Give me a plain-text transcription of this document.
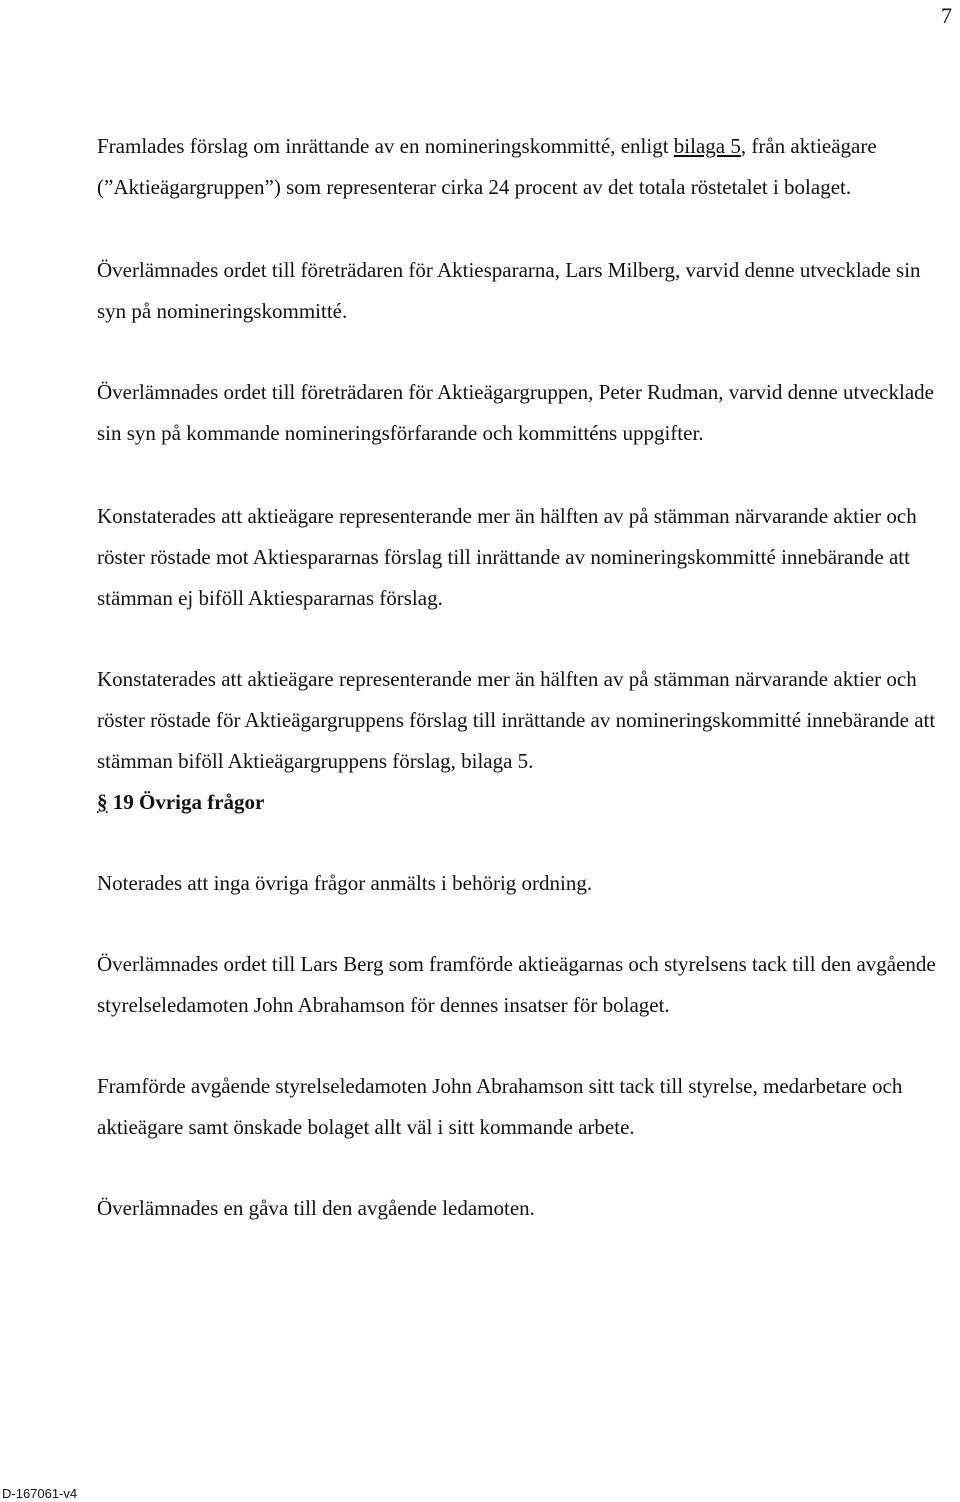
7

Framlades förslag om inrättande av en nomineringskommitté, enligt bilaga 5, från aktieägare (”Aktieägargruppen”) som representerar cirka 24 procent av det totala röstetalet i bolaget.

Överlämnades ordet till företrädaren för Aktiespararna, Lars Milberg, varvid denne utvecklade sin syn på nomineringskommitté.

Överlämnades ordet till företrädaren för Aktieägargruppen, Peter Rudman, varvid denne utvecklade sin syn på kommande nomineringsförfarande och kommitténs uppgifter.

Konstaterades att aktieägare representerande mer än hälften av på stämman närvarande aktier och röster röstade mot Aktiespararnas förslag till inrättande av nomineringskommitté innebärande att stämman ej biföll Aktiespararnas förslag.

Konstaterades att aktieägare representerande mer än hälften av på stämman närvarande aktier och röster röstade för Aktieägargruppens förslag till inrättande av nomineringskommitté innebärande att stämman biföll Aktieägargruppens förslag, bilaga 5.

§ 19 Övriga frågor

Noterades att inga övriga frågor anmälts i behörig ordning.

Överlämnades ordet till Lars Berg som framförde aktieägarnas och styrelsens tack till den avgående styrelseledamoten John Abrahamson för dennes insatser för bolaget.

Framförde avgående styrelseledamoten John Abrahamson sitt tack till styrelse, medarbetare och aktieägare samt önskade bolaget allt väl i sitt kommande arbete.

Överlämnades en gåva till den avgående ledamoten.

D-167061-v4
